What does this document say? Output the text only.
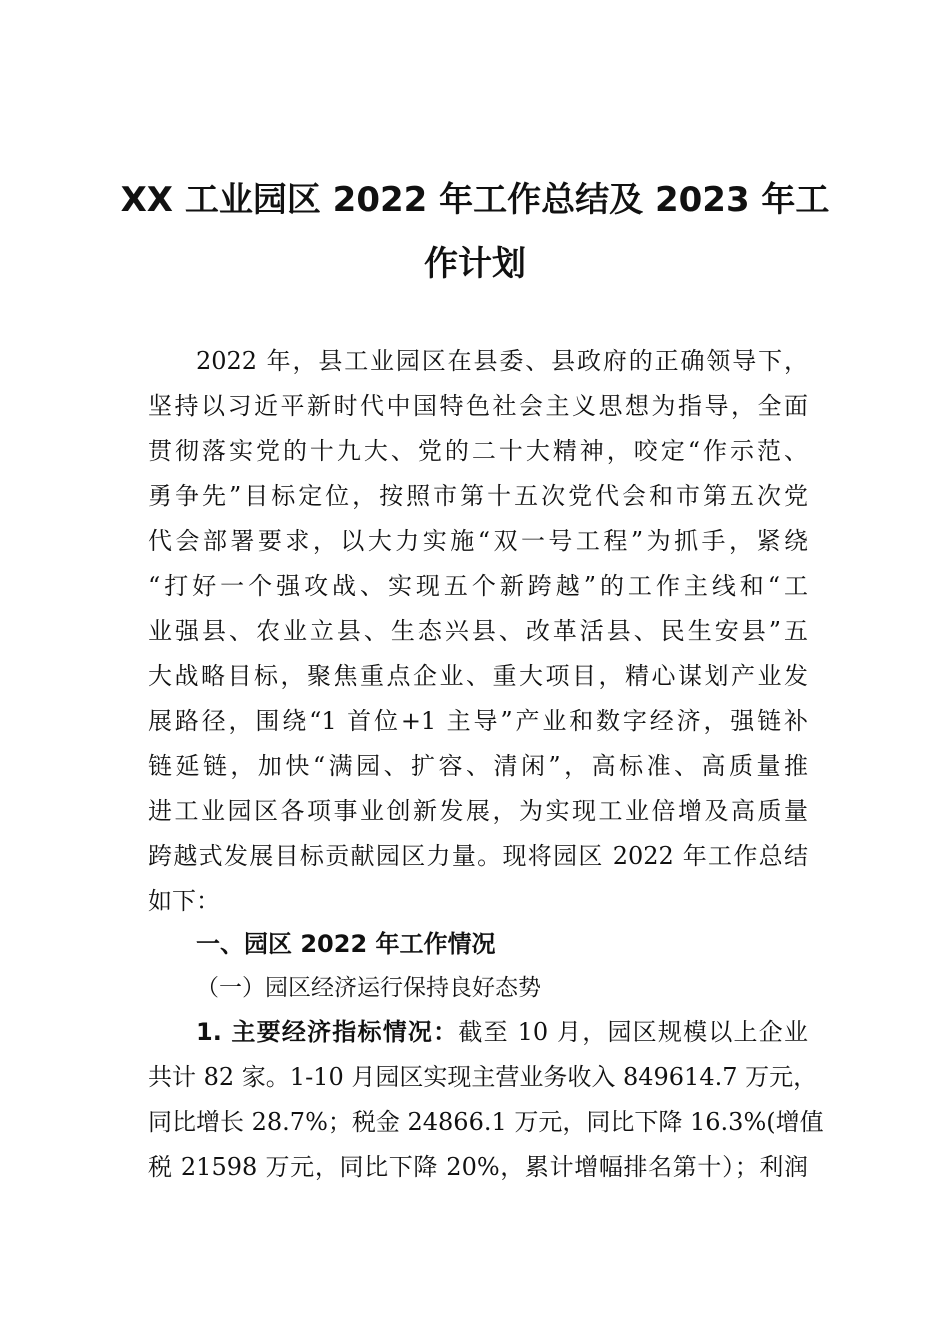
XX 工业园区 2022 年工作总结及 2023 年工
作计划
2022 年，县工业园区在县委、县政府的正确领导下，
坚持以习近平新时代中国特色社会主义思想为指导，全面
贯彻落实党的十九大、党的二十大精神，咬定“作示范、
勇争先”目标定位，按照市第十五次党代会和市第五次党
代会部署要求，以大力实施“双一号工程”为抓手，紧绕
“打好一个强攻战、实现五个新跨越”的工作主线和“工
业强县、农业立县、生态兴县、改革活县、民生安县”五
大战略目标，聚焦重点企业、重大项目，精心谋划产业发
展路径，围绕“1 首位+1 主导”产业和数字经济，强链补
链延链，加快“满园、扩容、清闲”，高标准、高质量推
进工业园区各项事业创新发展，为实现工业倍增及高质量
跨越式发展目标贡献园区力量。现将园区 2022 年工作总结
如下：
一、园区 2022 年工作情况
（一）园区经济运行保持良好态势
1. 主要经济指标情况：截至 10 月，园区规模以上企业
共计 82 家。1-10 月园区实现主营业务收入 849614.7 万元，
同比增长 28.7%；税金 24866.1 万元，同比下降 16.3%(增值
税 21598 万元，同比下降 20%，累计增幅排名第十）；利润
